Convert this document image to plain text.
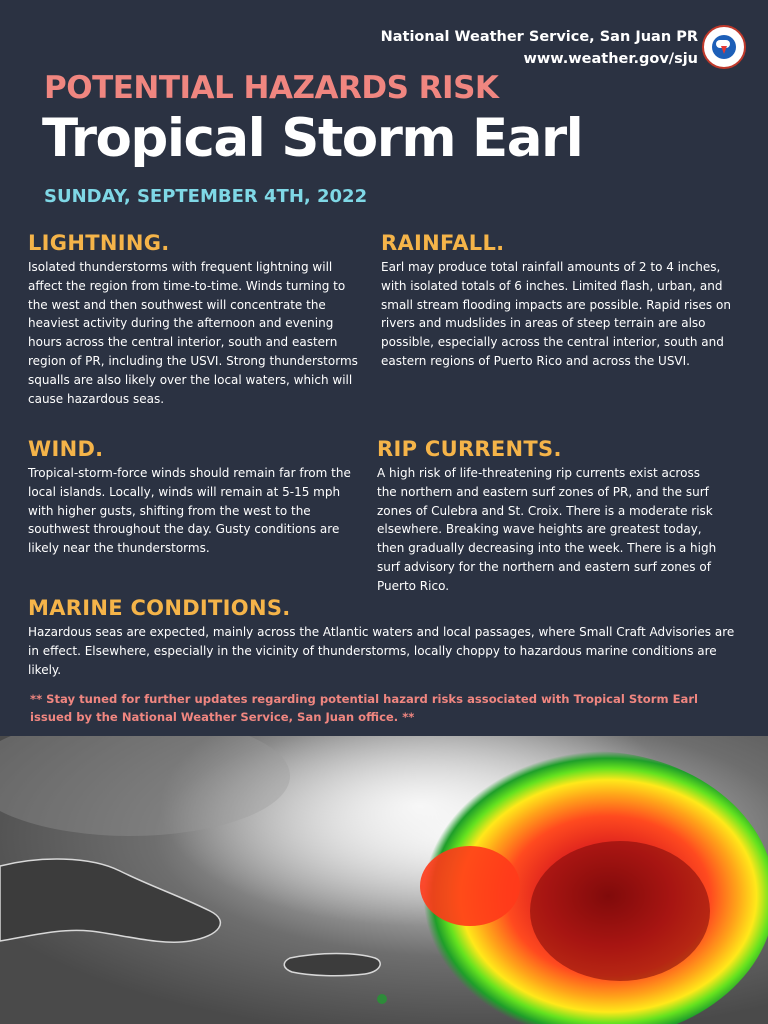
National Weather Service, San Juan PR
www.weather.gov/sju
POTENTIAL HAZARDS RISK
Tropical Storm Earl
SUNDAY, SEPTEMBER 4TH, 2022
LIGHTNING.

Isolated thunderstorms with frequent lightning will affect the region from time-to-time. Winds turning to the west and then southwest will concentrate the heaviest activity during the afternoon and evening hours across the central interior, south and eastern region of PR, including the USVI. Strong thunderstorms squalls are also likely over the local waters, which will cause hazardous seas.

RAINFALL.

Earl may produce total rainfall amounts of 2 to 4 inches, with isolated totals of 6 inches. Limited flash, urban, and small stream flooding impacts are possible. Rapid rises on rivers and mudslides in areas of steep terrain are also possible, especially across the central interior, south and eastern regions of Puerto Rico and across the USVI.

WIND.

Tropical-storm-force winds should remain far from the local islands. Locally, winds will remain at 5-15 mph with higher gusts, shifting from the west to the southwest throughout the day. Gusty conditions are likely near the thunderstorms.

RIP CURRENTS.

A high risk of life-threatening rip currents exist across the northern and eastern surf zones of PR, and the surf zones of Culebra and St. Croix. There is a moderate risk elsewhere. Breaking wave heights are greatest today, then gradually decreasing into the week. There is a high surf advisory for the northern and eastern surf zones of Puerto Rico.

MARINE CONDITIONS.

Hazardous seas are expected, mainly across the Atlantic waters and local passages, where Small Craft Advisories are in effect. Elsewhere, especially in the vicinity of thunderstorms, locally choppy to hazardous marine conditions are likely.

** Stay tuned for further updates regarding potential hazard risks associated with Tropical Storm Earl issued by the National Weather Service, San Juan office. **
